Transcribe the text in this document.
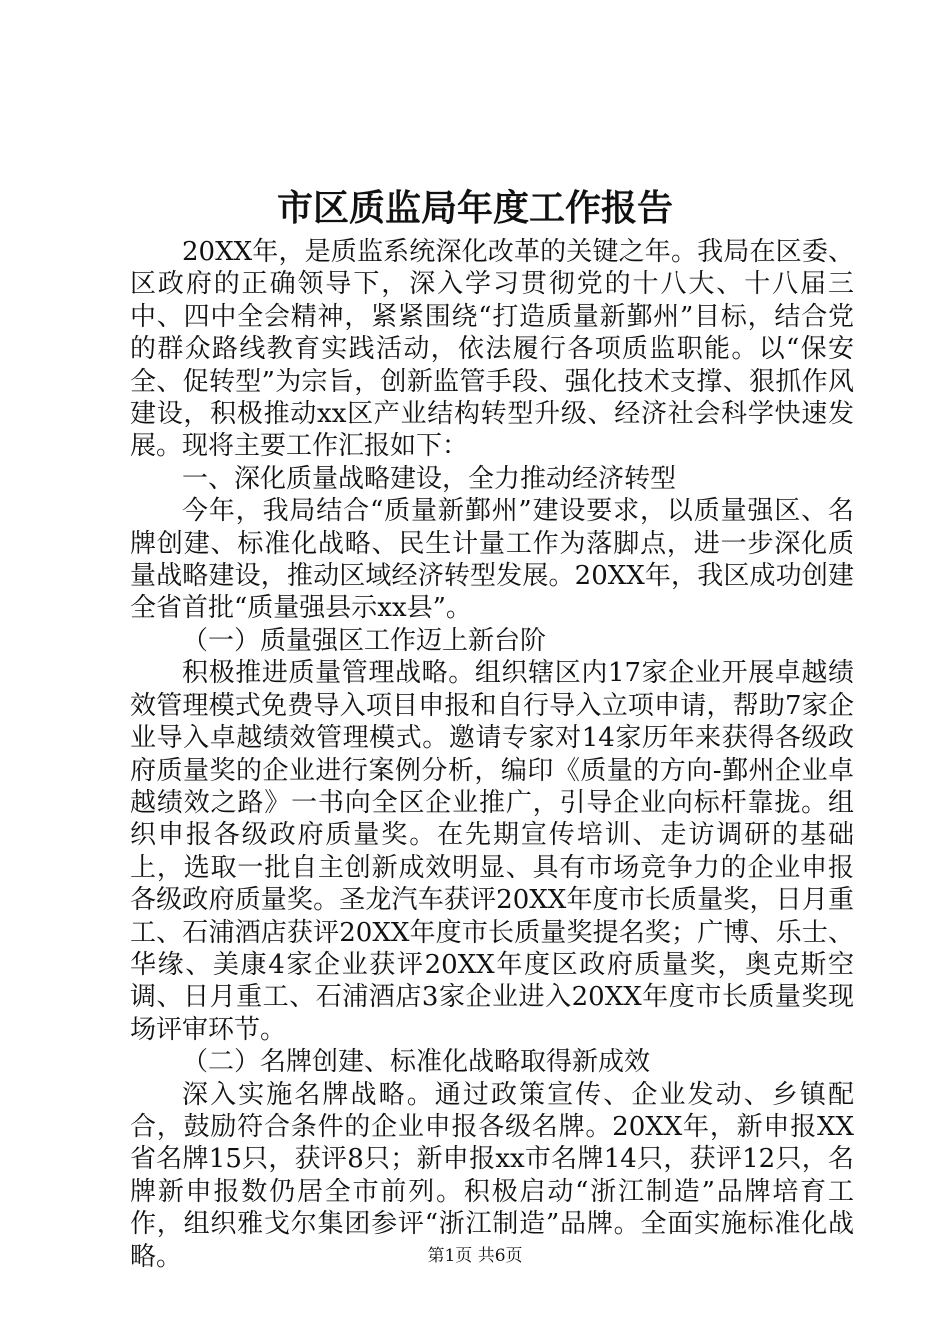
市区质监局年度工作报告

20XX年，是质监系统深化改革的关键之年。我局在区委、区政府的正确领导下，深入学习贯彻党的十八大、十八届三中、四中全会精神，紧紧围绕“打造质量新鄞州”目标，结合党的群众路线教育实践活动，依法履行各项质监职能。以“保安全、促转型”为宗旨，创新监管手段、强化技术支撑、狠抓作风建设，积极推动xx区产业结构转型升级、经济社会科学快速发展。现将主要工作汇报如下：

一、深化质量战略建设，全力推动经济转型

今年，我局结合“质量新鄞州”建设要求，以质量强区、名牌创建、标准化战略、民生计量工作为落脚点，进一步深化质量战略建设，推动区域经济转型发展。20XX年，我区成功创建全省首批“质量强县示xx县”。

（一）质量强区工作迈上新台阶

积极推进质量管理战略。组织辖区内17家企业开展卓越绩效管理模式免费导入项目申报和自行导入立项申请，帮助7家企业导入卓越绩效管理模式。邀请专家对14家历年来获得各级政府质量奖的企业进行案例分析，编印《质量的方向-鄞州企业卓越绩效之路》一书向全区企业推广，引导企业向标杆靠拢。组织申报各级政府质量奖。在先期宣传培训、走访调研的基础上，选取一批自主创新成效明显、具有市场竞争力的企业申报各级政府质量奖。圣龙汽车获评20XX年度市长质量奖，日月重工、石浦酒店获评20XX年度市长质量奖提名奖；广博、乐士、华缘、美康4家企业获评20XX年度区政府质量奖，奥克斯空调、日月重工、石浦酒店3家企业进入20XX年度市长质量奖现场评审环节。

（二）名牌创建、标准化战略取得新成效

深入实施名牌战略。通过政策宣传、企业发动、乡镇配合，鼓励符合条件的企业申报各级名牌。20XX年，新申报XX省名牌15只，获评8只；新申报xx市名牌14只，获评12只，名牌新申报数仍居全市前列。积极启动“浙江制造”品牌培育工作，组织雅戈尔集团参评“浙江制造”品牌。全面实施标准化战略。	第1页 共6页
